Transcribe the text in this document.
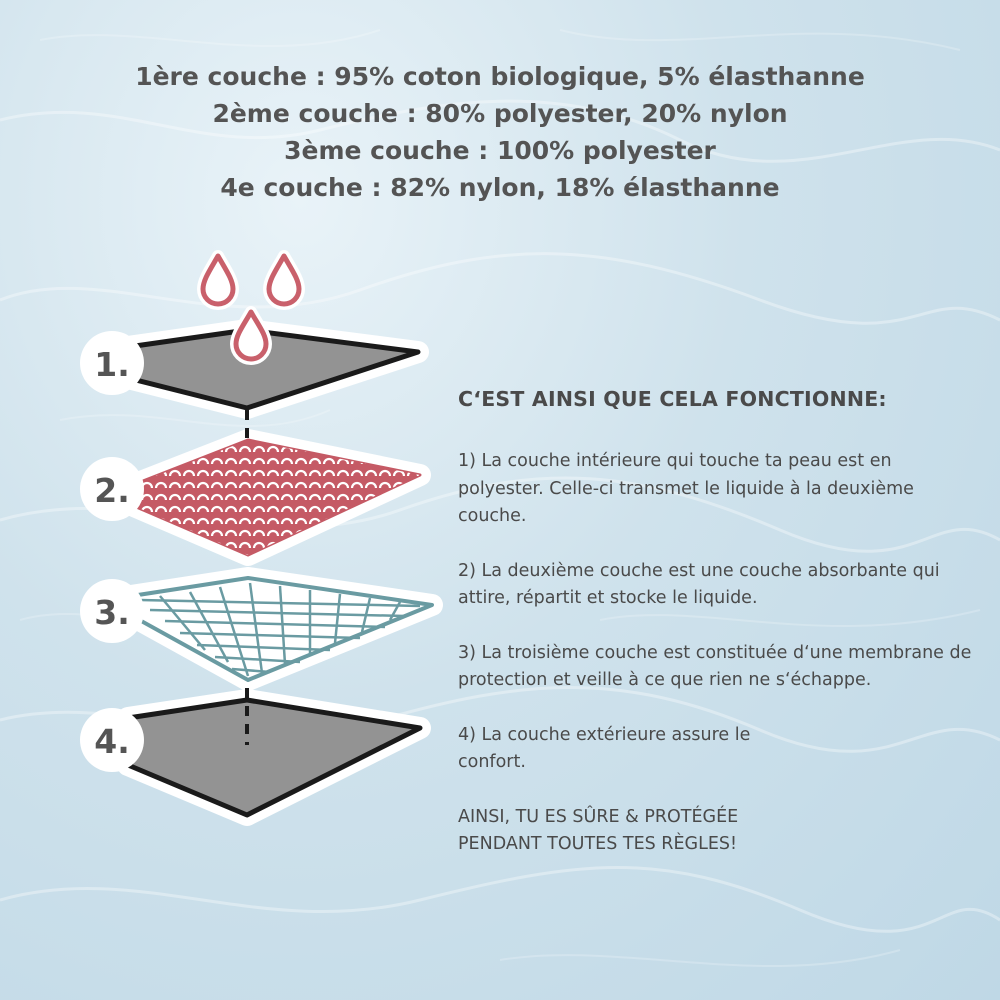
1ère couche : 95% coton biologique, 5% élasthanne
2ème couche : 80% polyester, 20% nylon
3ème couche : 100% polyester
4e couche : 82% nylon, 18% élasthanne
1.
2.
3.
4.
C‘EST AINSI QUE CELA FONCTIONNE:

1) La couche intérieure qui touche ta peau est en polyester. Celle-ci transmet le liquide à la deuxième couche.

2) La deuxième couche est une couche absorbante qui attire, répartit et stocke le liquide.

3) La troisième couche est constituée d‘une membrane de protection et veille à ce que rien ne s‘échappe.

4) La couche extérieure assure le confort.

AINSI, TU ES SÛRE & PROTÉGÉE PENDANT TOUTES TES RÈGLES!
